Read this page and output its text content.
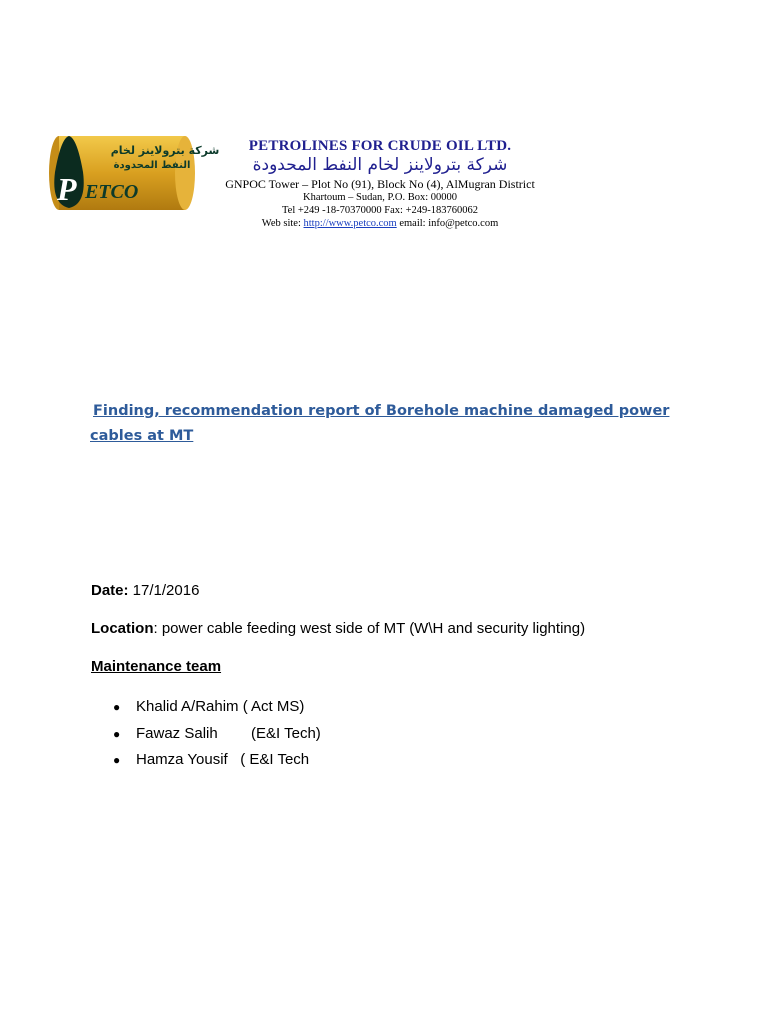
شركة بترولاينز لخام
النفط المحدودة
P ETCO
PETROLINES FOR CRUDE OIL LTD.
شركة بترولاينز لخام النفط المحدودة
GNPOC Tower – Plot No (91), Block No (4), AlMugran District
Khartoum – Sudan, P.O. Box: 00000
Tel +249 -18-70370000 Fax: +249-183760062
Web site: http://www.petco.com email: info@petco.com
Finding, recommendation report of Borehole machine damaged power
cables at MT
Date: 17/1/2016
Location: power cable feeding west side of MT (W\H and security lighting)
Maintenance team
● Khalid A/Rahim ( Act MS)
● Fawaz Salih        (E&I Tech)
● Hamza Yousif   ( E&I Tech
